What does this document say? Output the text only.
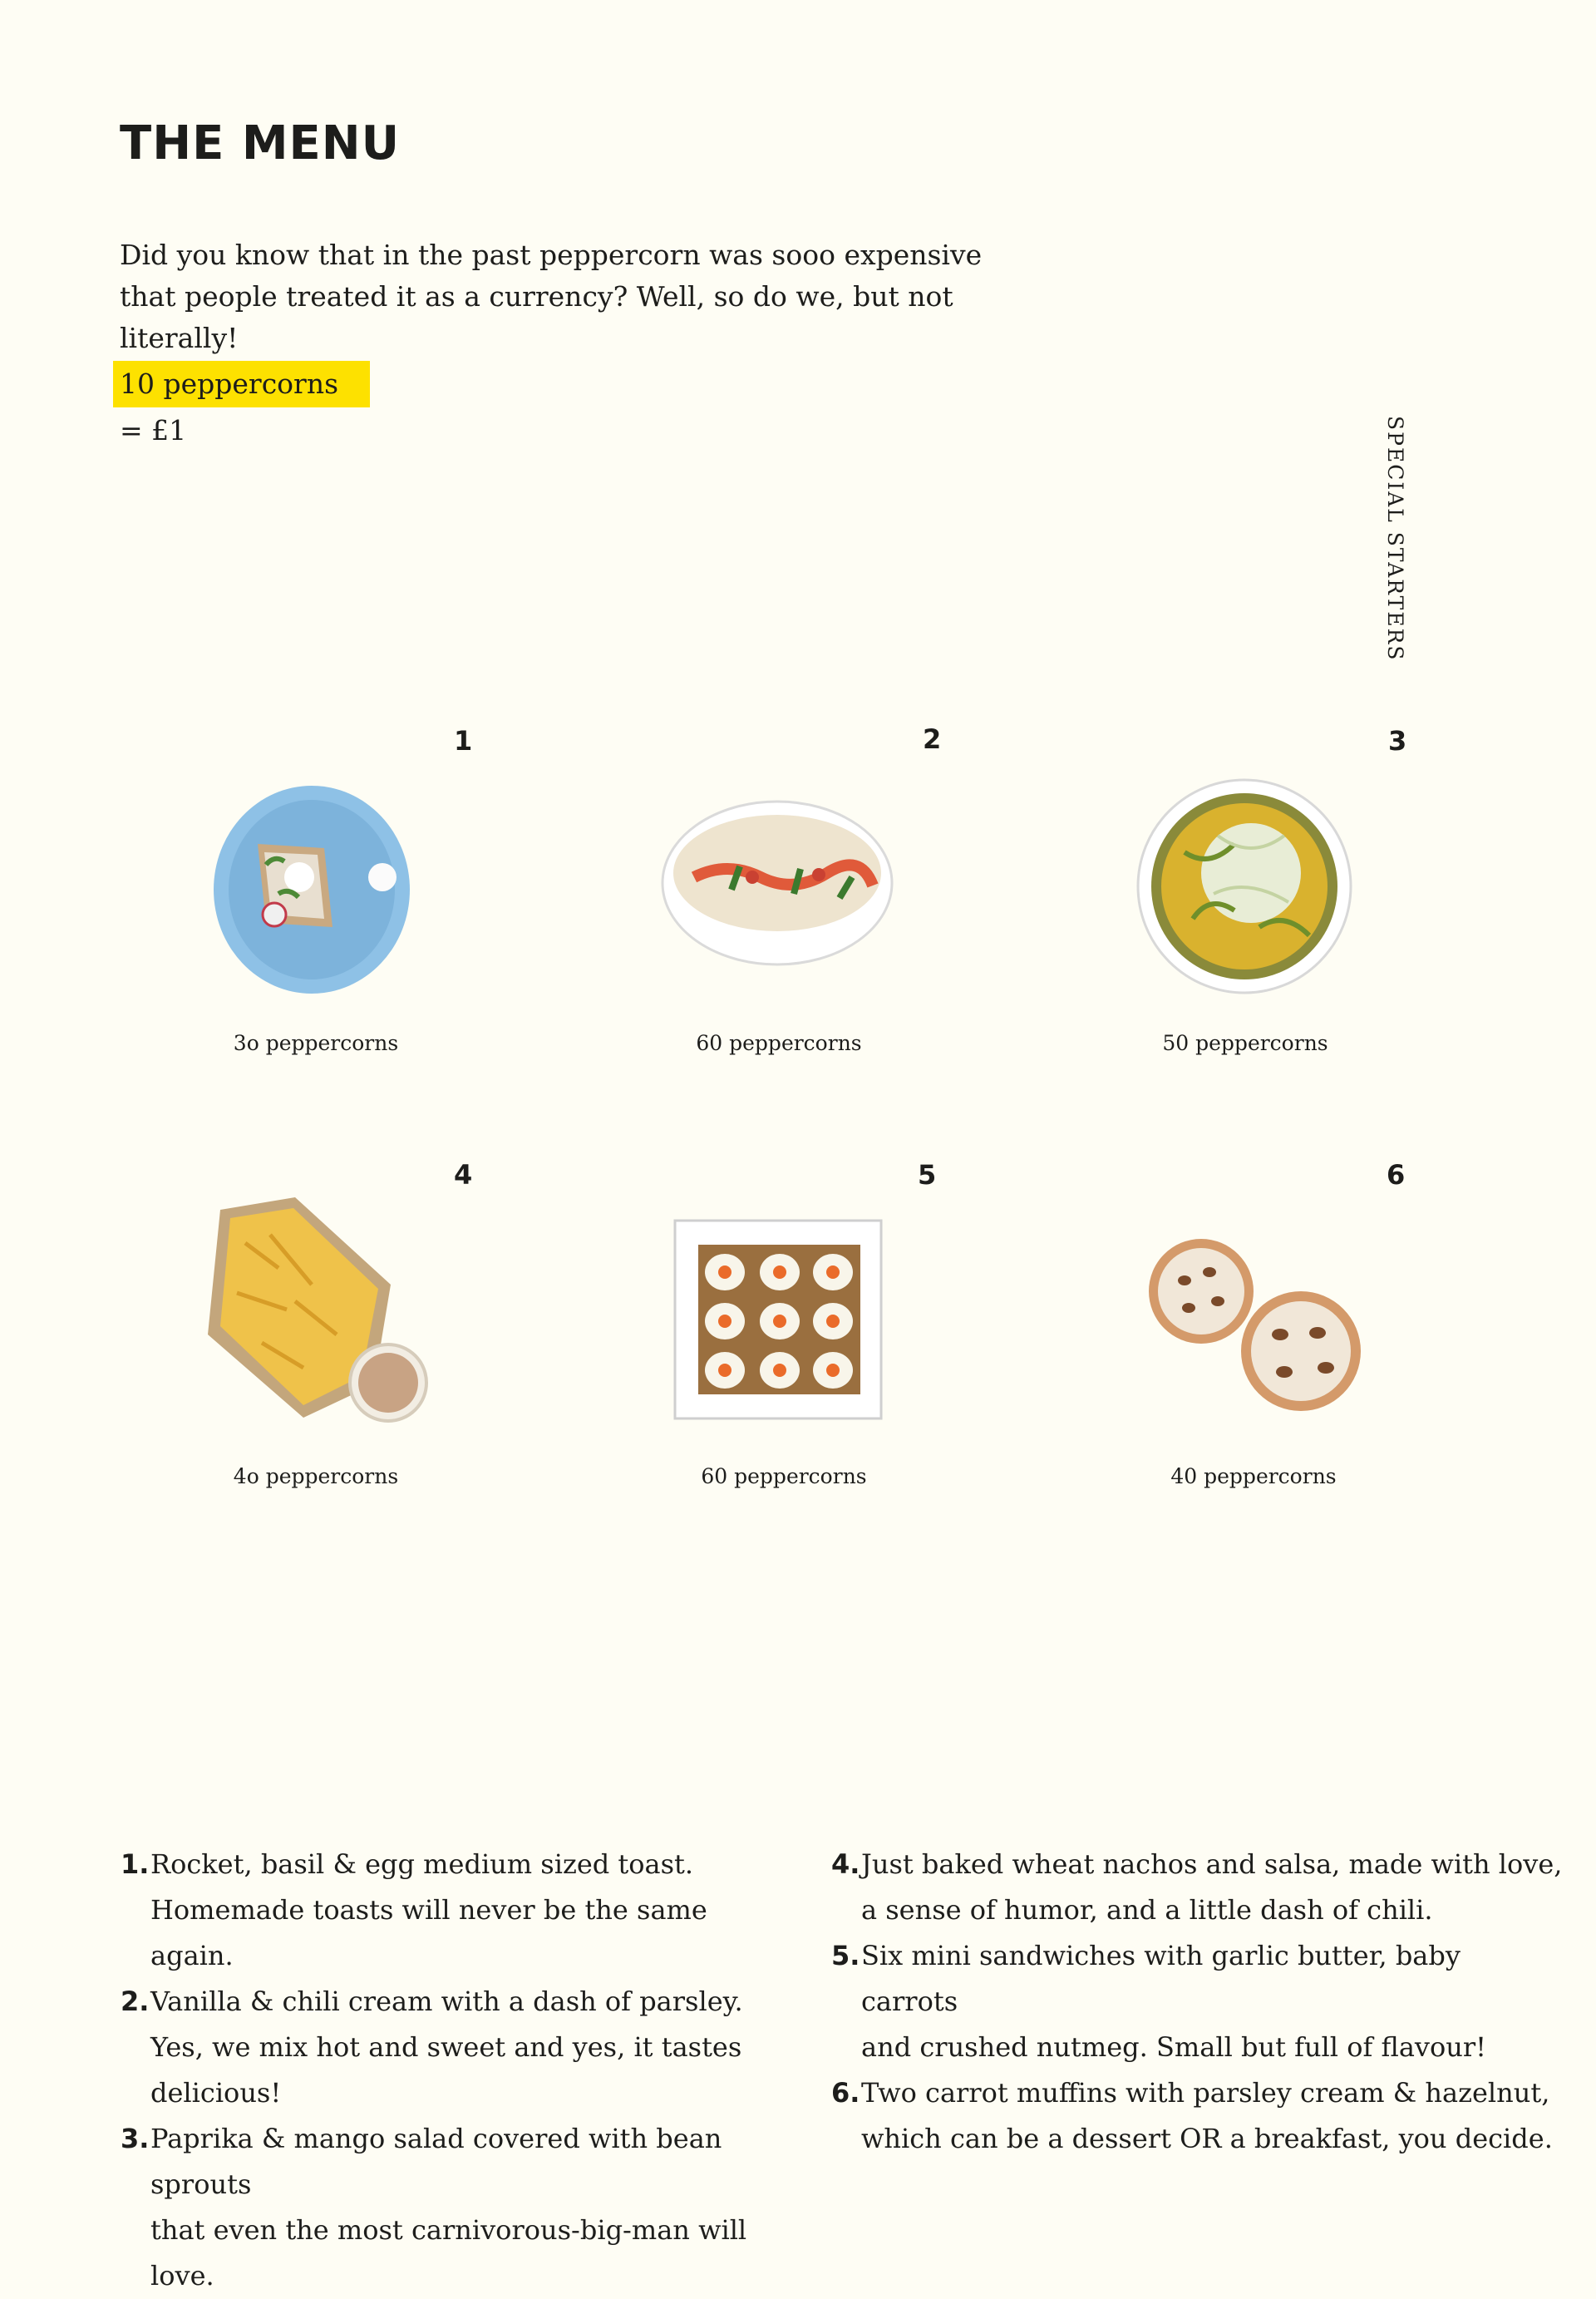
THE MENU

Did you know that in the past peppercorn was sooo expensive that people treated it as a currency? Well, so do we, but not literally!

10 peppercorns = £1	SPECIAL STARTERS
1	2	3
4	5	6
3o peppercorns	60 peppercorns	50 peppercorns
4o peppercorns	60 peppercorns	40 peppercorns
1. Rocket, basil & egg medium sized toast.
Homemade toasts will never be the same again.
2. Vanilla & chili cream with a dash of parsley.
Yes, we mix hot and sweet and yes, it tastes delicious!
3. Paprika & mango salad covered with bean sprouts
that even the most carnivorous-big-man will love.
4. Just baked wheat nachos and salsa, made with love,
a sense of humor, and a little dash of chili.
5. Six mini sandwiches with garlic butter, baby carrots
and crushed nutmeg. Small but full of flavour!
6. Two carrot muffins with parsley cream & hazelnut,
which can be a dessert OR a breakfast, you decide.
